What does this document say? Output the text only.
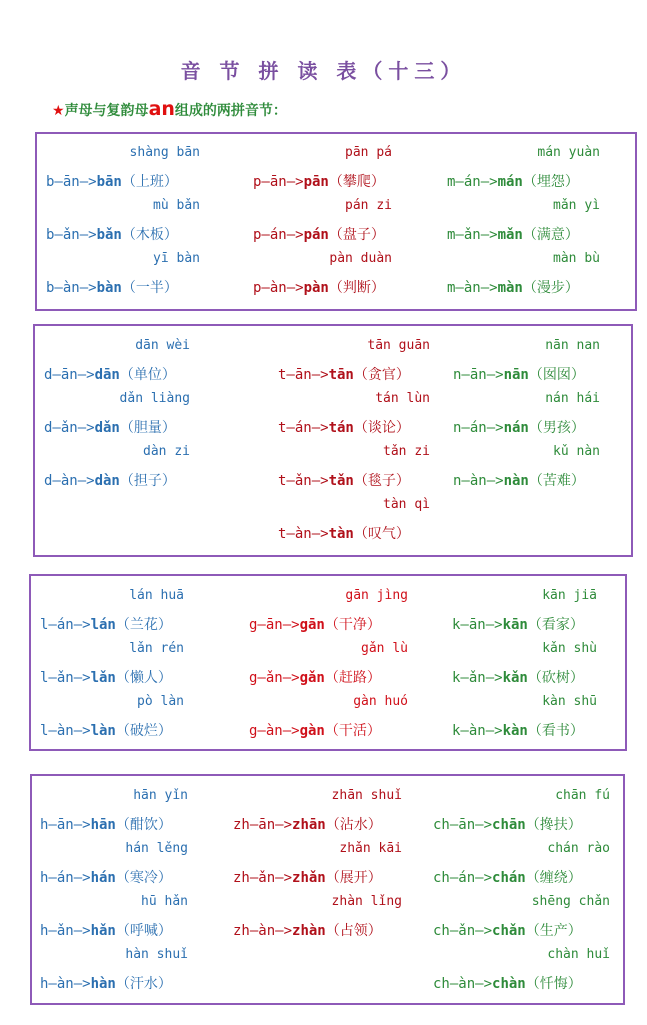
音 节 拼 读 表（十三）
★声母与复韵母an组成的两拼音节：
shàng bān
b—ān—>bān（上班）
pān pá
p—ān—>pān（攀爬）
mán yuàn
m—án—>mán（埋怨）
mù bǎn
b—ǎn—>bǎn（木板）
pán zi
p—án—>pán（盘子）
mǎn yì
m—ǎn—>mǎn（满意）
yī bàn
b—àn—>bàn（一半）
pàn duàn
p—àn—>pàn（判断）
màn bù
m—àn—>màn（漫步）
dān wèi
d—ān—>dān（单位）
tān guān
t—ān—>tān（贪官）
nān nan
n—ān—>nān（囡囡）
dǎn liàng
d—ǎn—>dǎn（胆量）
tán lùn
t—án—>tán（谈论）
nán hái
n—án—>nán（男孩）
dàn zi
d—àn—>dàn（担子）
tǎn zi
t—ǎn—>tǎn（毯子）
kǔ nàn
n—àn—>nàn（苦难）
tàn qì
t—àn—>tàn（叹气）
lán huā
l—án—>lán（兰花）
gān jìng
g—ān—>gān（干净）
kān jiā
k—ān—>kān（看家）
lǎn rén
l—ǎn—>lǎn（懒人）
gǎn lù
g—ǎn—>gǎn（赶路）
kǎn shù
k—ǎn—>kǎn（砍树）
pò làn
l—àn—>làn（破烂）
gàn huó
g—àn—>gàn（干活）
kàn shū
k—àn—>kàn（看书）
hān yǐn
h—ān—>hān（酣饮）
zhān shuǐ
zh—ān—>zhān（沾水）
chān fú
ch—ān—>chān（搀扶）
hán lěng
h—án—>hán（寒冷）
zhǎn kāi
zh—ǎn—>zhǎn（展开）
chán rào
ch—án—>chán（缠绕）
hū hǎn
h—ǎn—>hǎn（呼喊）
zhàn lǐng
zh—àn—>zhàn（占领）
shēng chǎn
ch—ǎn—>chǎn（生产）
hàn shuǐ
h—àn—>hàn（汗水）
chàn huǐ
ch—àn—>chàn（忏悔）
